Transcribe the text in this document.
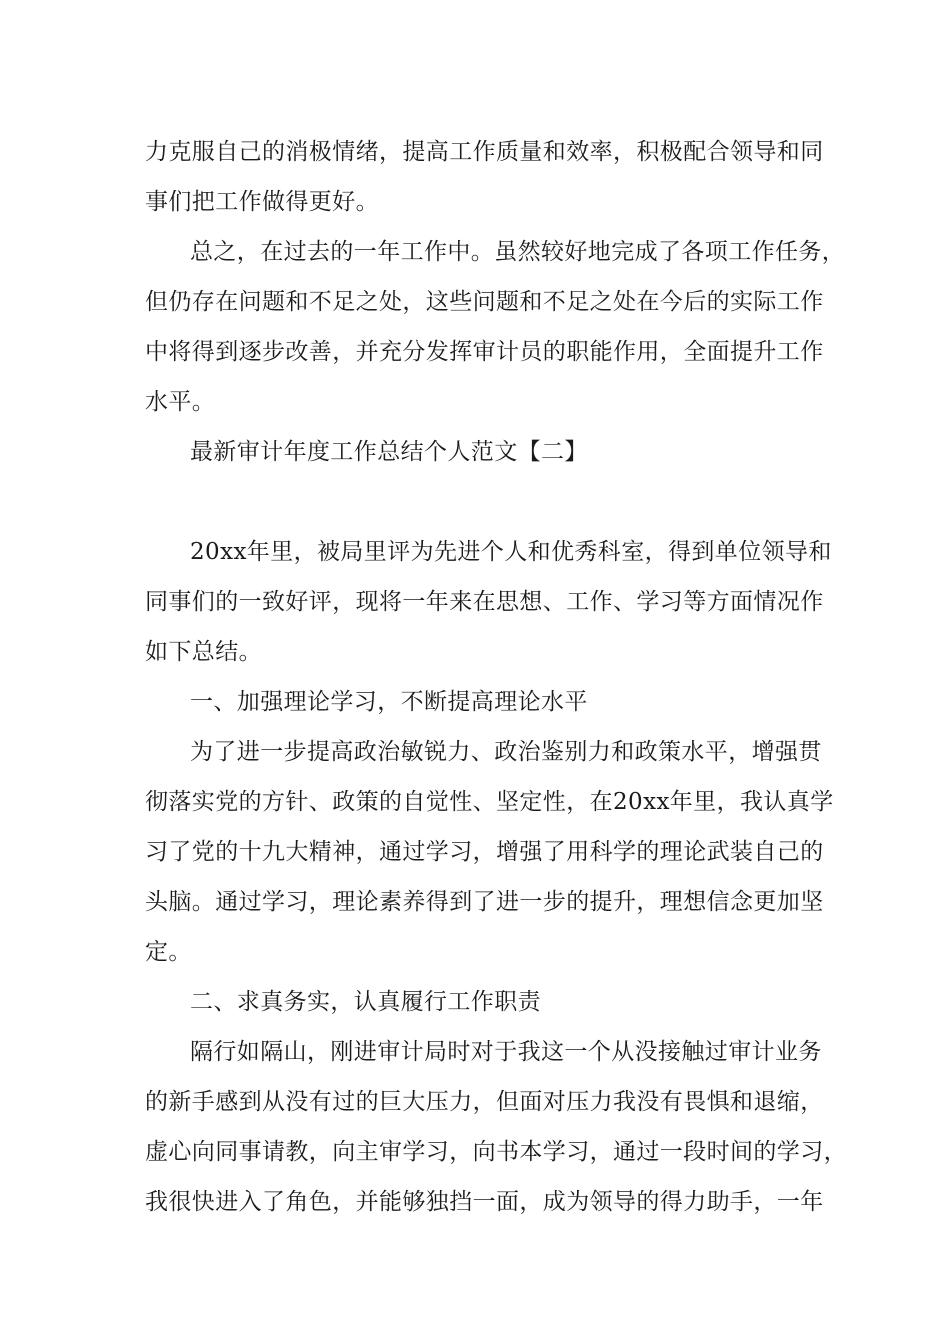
力克服自己的消极情绪，提高工作质量和效率，积极配合领导和同
事们把工作做得更好。
总之，在过去的一年工作中。虽然较好地完成了各项工作任务，
但仍存在问题和不足之处，这些问题和不足之处在今后的实际工作
中将得到逐步改善，并充分发挥审计员的职能作用，全面提升工作
水平。
最新审计年度工作总结个人范文【二】
20xx年里，被局里评为先进个人和优秀科室，得到单位领导和
同事们的一致好评，现将一年来在思想、工作、学习等方面情况作
如下总结。
一、加强理论学习，不断提高理论水平
为了进一步提高政治敏锐力、政治鉴别力和政策水平，增强贯
彻落实党的方针、政策的自觉性、坚定性，在20xx年里，我认真学
习了党的十九大精神，通过学习，增强了用科学的理论武装自己的
头脑。通过学习，理论素养得到了进一步的提升，理想信念更加坚
定。
二、求真务实，认真履行工作职责
隔行如隔山，刚进审计局时对于我这一个从没接触过审计业务
的新手感到从没有过的巨大压力，但面对压力我没有畏惧和退缩，
虚心向同事请教，向主审学习，向书本学习，通过一段时间的学习，
我很快进入了角色，并能够独挡一面，成为领导的得力助手，一年
